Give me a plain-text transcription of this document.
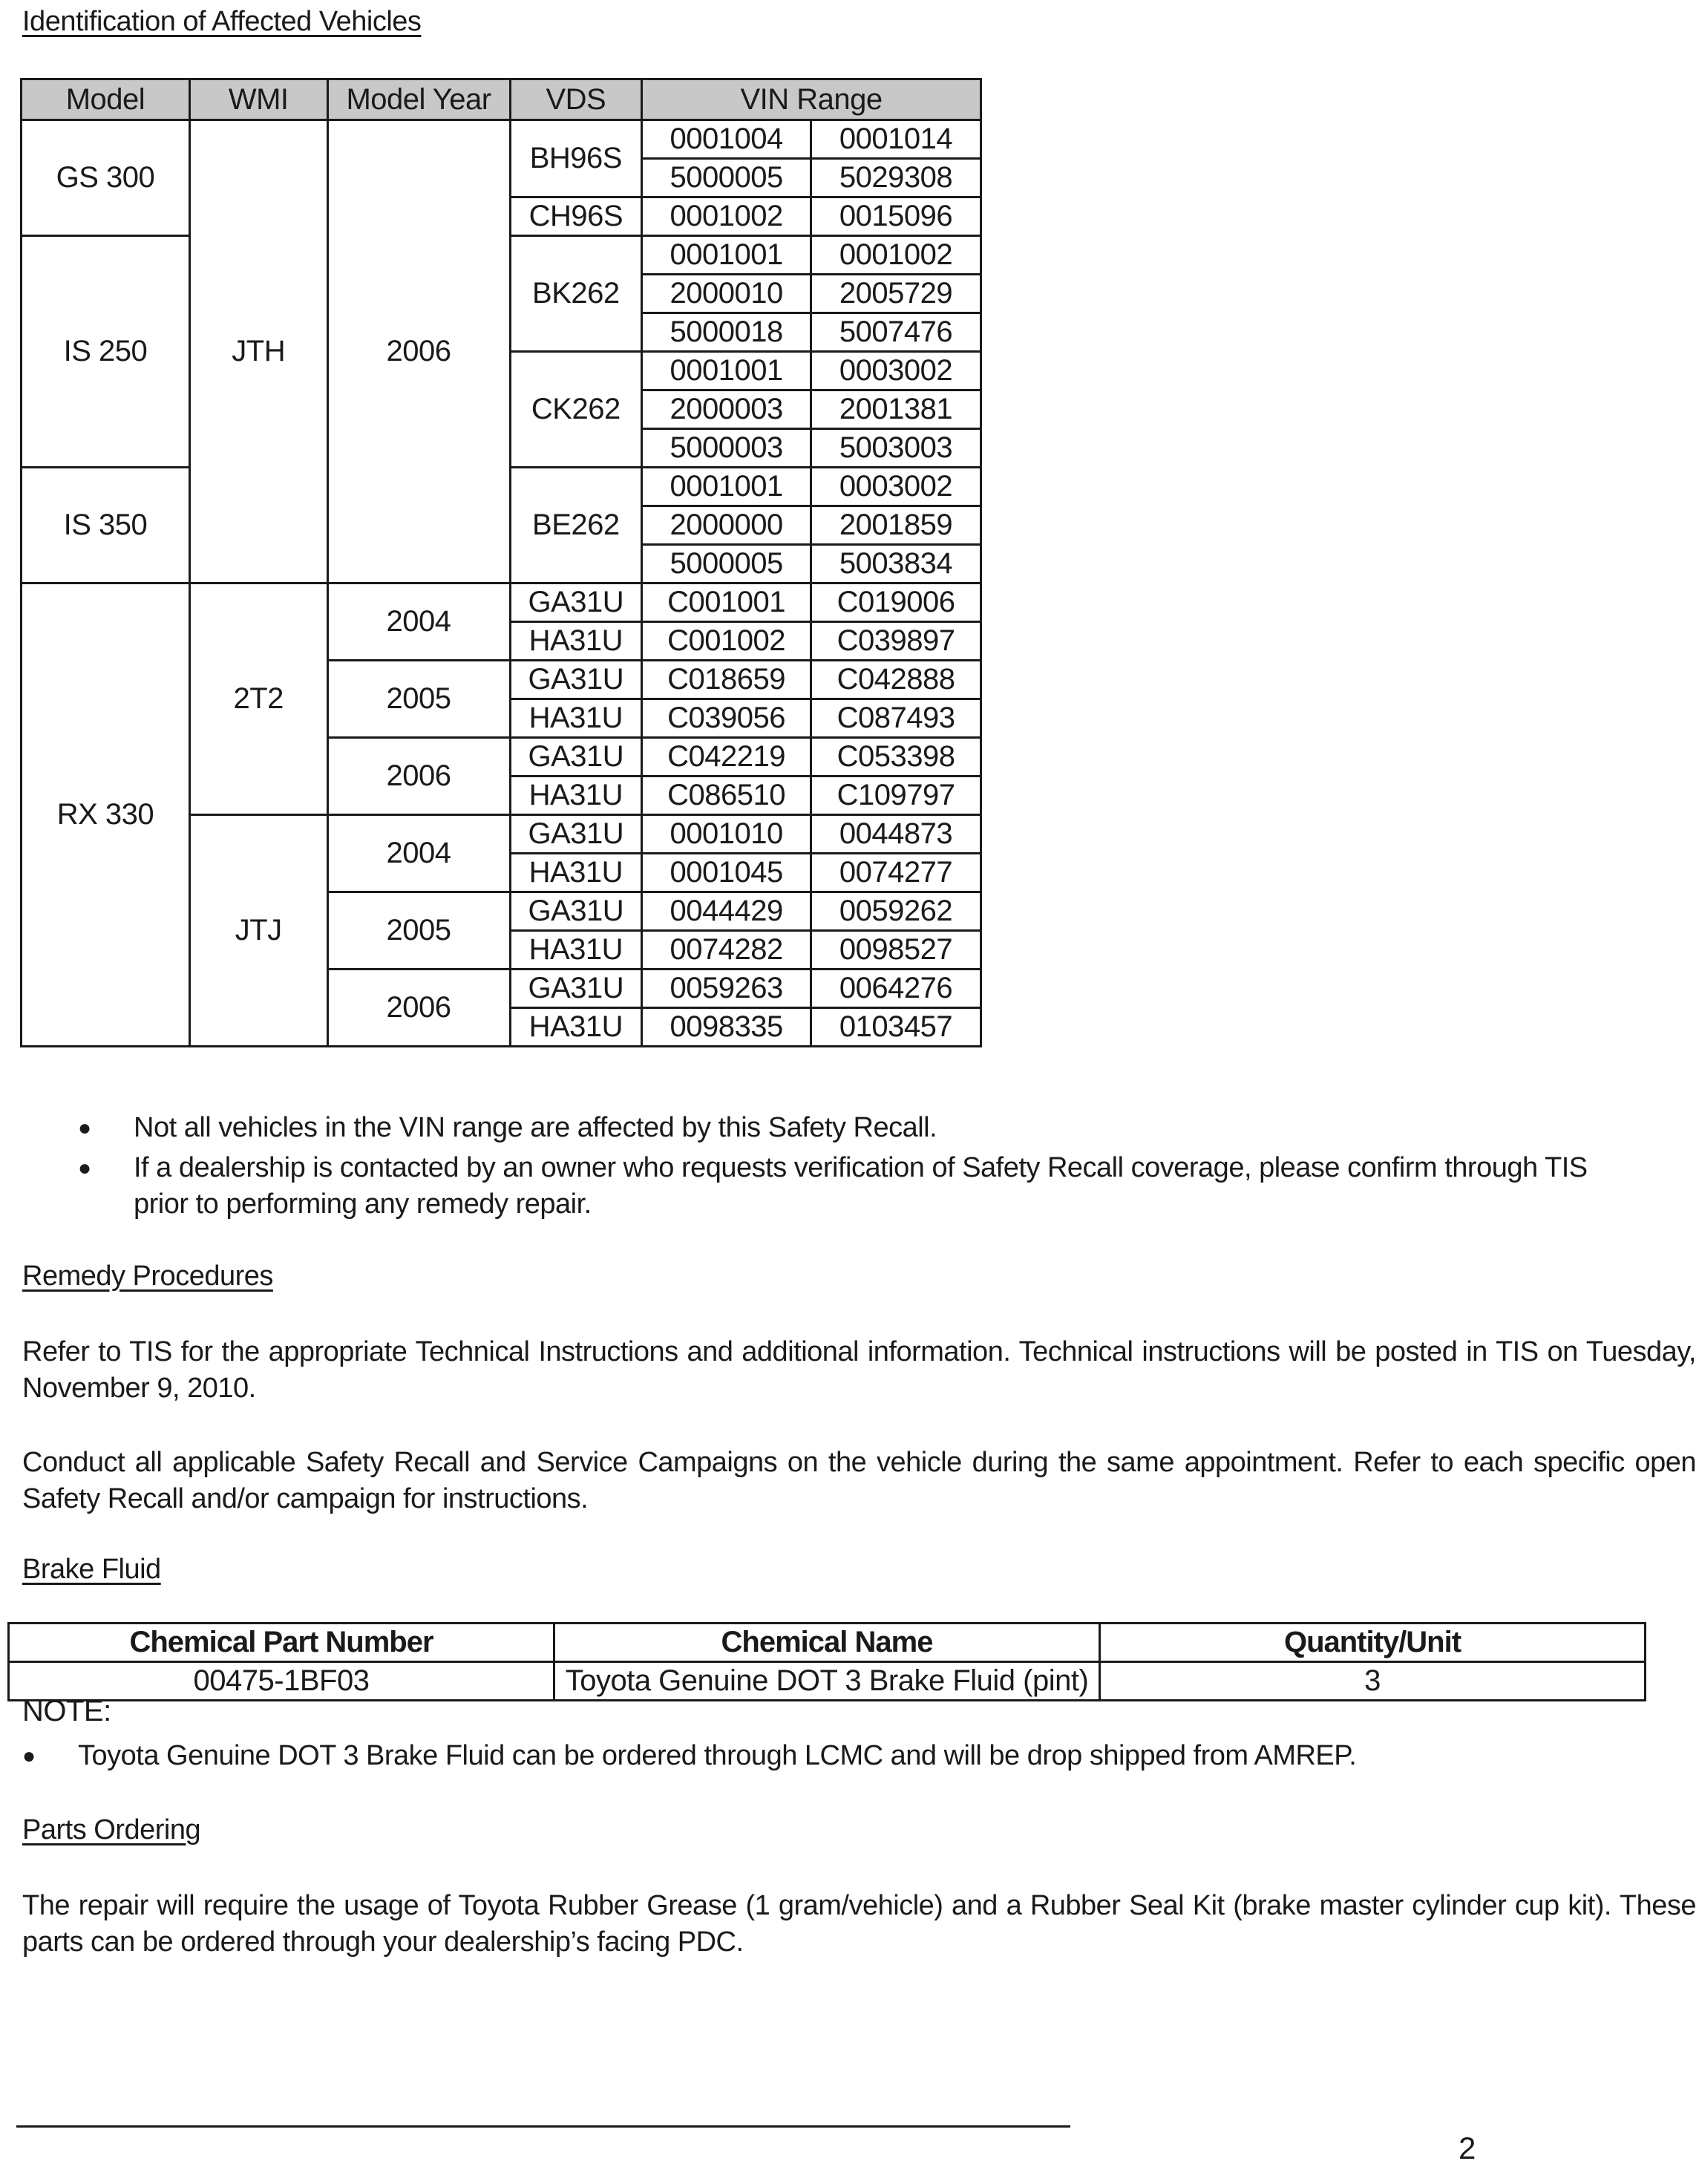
Identification of Affected Vehicles
Model	WMI	Model Year	VDS	VIN Range	
GS 300	JTH	2006	BH96S	0001004	0001014
				5000005	5029308
			CH96S	0001002	0015096
IS 250			BK262	0001001	0001002
				2000010	2005729
				5000018	5007476
			CK262	0001001	0003002
				2000003	2001381
				5000003	5003003
IS 350			BE262	0001001	0003002
				2000000	2001859
				5000005	5003834
RX 330	2T2	2004	GA31U	C001001	C019006
			HA31U	C001002	C039897
		2005	GA31U	C018659	C042888
			HA31U	C039056	C087493
		2006	GA31U	C042219	C053398
			HA31U	C086510	C109797
	JTJ	2004	GA31U	0001010	0044873
			HA31U	0001045	0074277
		2005	GA31U	0044429	0059262
			HA31U	0074282	0098527
		2006	GA31U	0059263	0064276
			HA31U	0098335	0103457
● Not all vehicles in the VIN range are affected by this Safety Recall.
● If a dealership is contacted by an owner who requests verification of Safety Recall coverage, please confirm through TIS prior to performing any remedy repair.
Remedy Procedures
Refer to TIS for the appropriate Technical Instructions and additional information. Technical instructions will be posted in TIS on Tuesday, November 9, 2010.
Conduct all applicable Safety Recall and Service Campaigns on the vehicle during the same appointment. Refer to each specific open Safety Recall and/or campaign for instructions.
Brake Fluid
Chemical Part Number	Chemical Name	Quantity/Unit
00475-1BF03	Toyota Genuine DOT 3 Brake Fluid (pint)	3
NOTE:
● Toyota Genuine DOT 3 Brake Fluid can be ordered through LCMC and will be drop shipped from AMREP.
Parts Ordering
The repair will require the usage of Toyota Rubber Grease (1 gram/vehicle) and a Rubber Seal Kit (brake master cylinder cup kit). These parts can be ordered through your dealership’s facing PDC.
2
